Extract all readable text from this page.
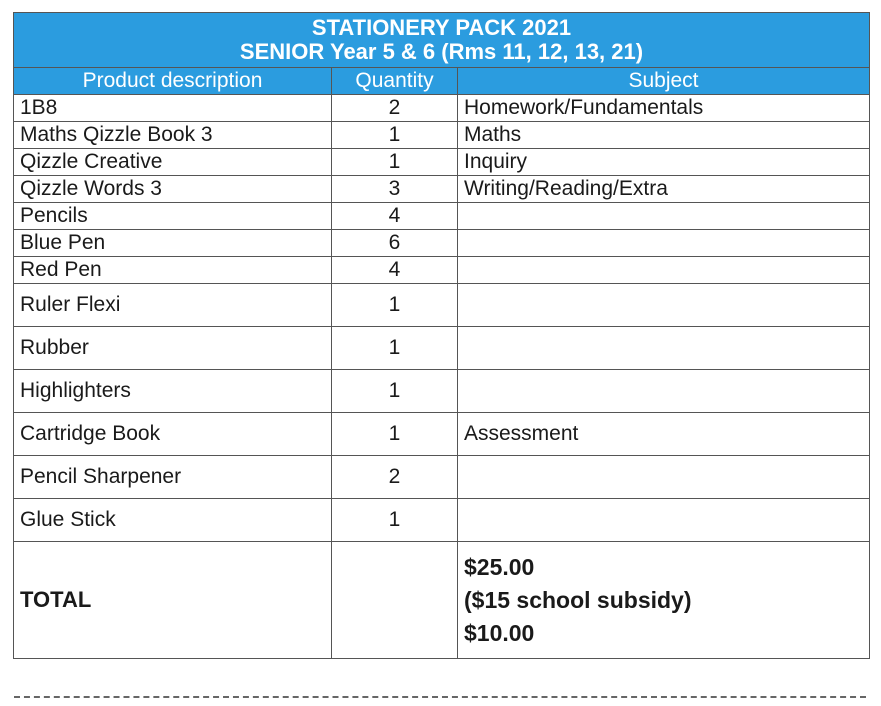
STATIONERY PACK 2021
SENIOR Year 5 & 6 (Rms 11, 12, 13, 21)		

Product description	Quantity	Subject
1B8	2	Homework/Fundamentals
Maths Qizzle Book 3	1	Maths
Qizzle Creative	1	Inquiry
Qizzle Words 3	3	Writing/Reading/Extra
Pencils	4	
Blue Pen	6	
Red Pen	4	
Ruler Flexi	1	
Rubber	1	
Highlighters	1	
Cartridge Book	1	Assessment
Pencil Sharpener	2	
Glue Stick	1	
TOTAL		$25.00
($15 school subsidy)
$10.00
